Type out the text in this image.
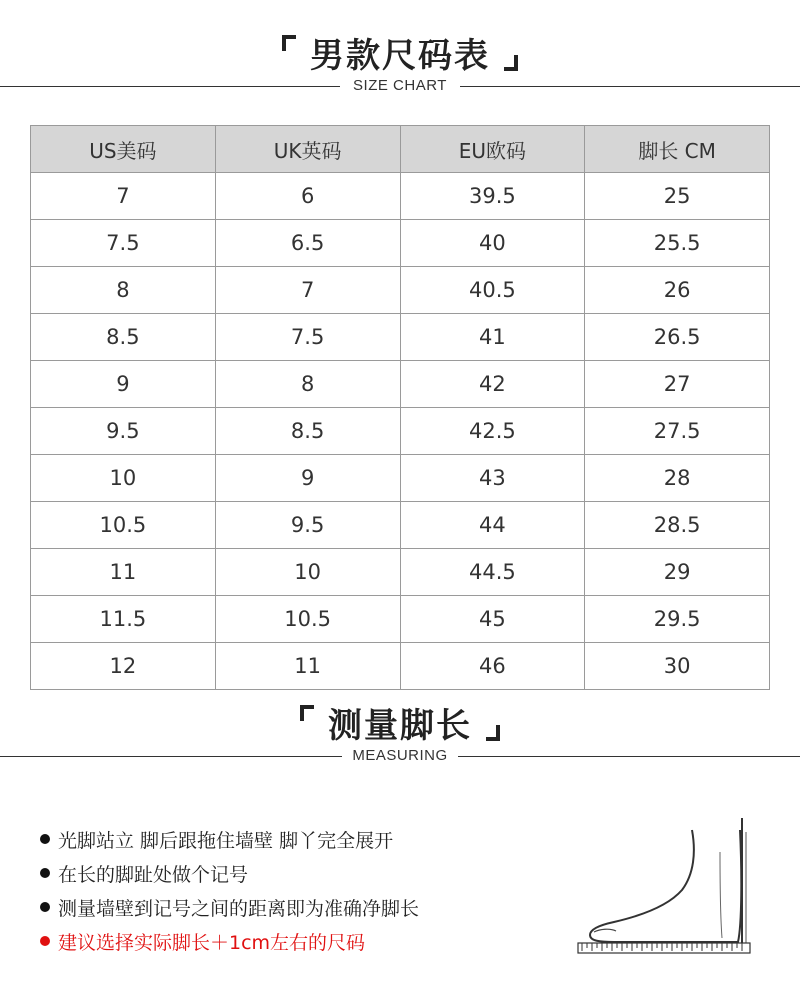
男款尺码表
SIZE CHART
US美码	UK英码	EU欧码	脚长 CM
7	6	39.5	25
7.5	6.5	40	25.5
8	7	40.5	26
8.5	7.5	41	26.5
9	8	42	27
9.5	8.5	42.5	27.5
10	9	43	28
10.5	9.5	44	28.5
11	10	44.5	29
11.5	10.5	45	29.5
12	11	46	30
测量脚长
MEASURING
光脚站立 脚后跟拖住墙壁 脚丫完全展开
在长的脚趾处做个记号
测量墙壁到记号之间的距离即为准确净脚长
建议选择实际脚长＋1cm左右的尺码
